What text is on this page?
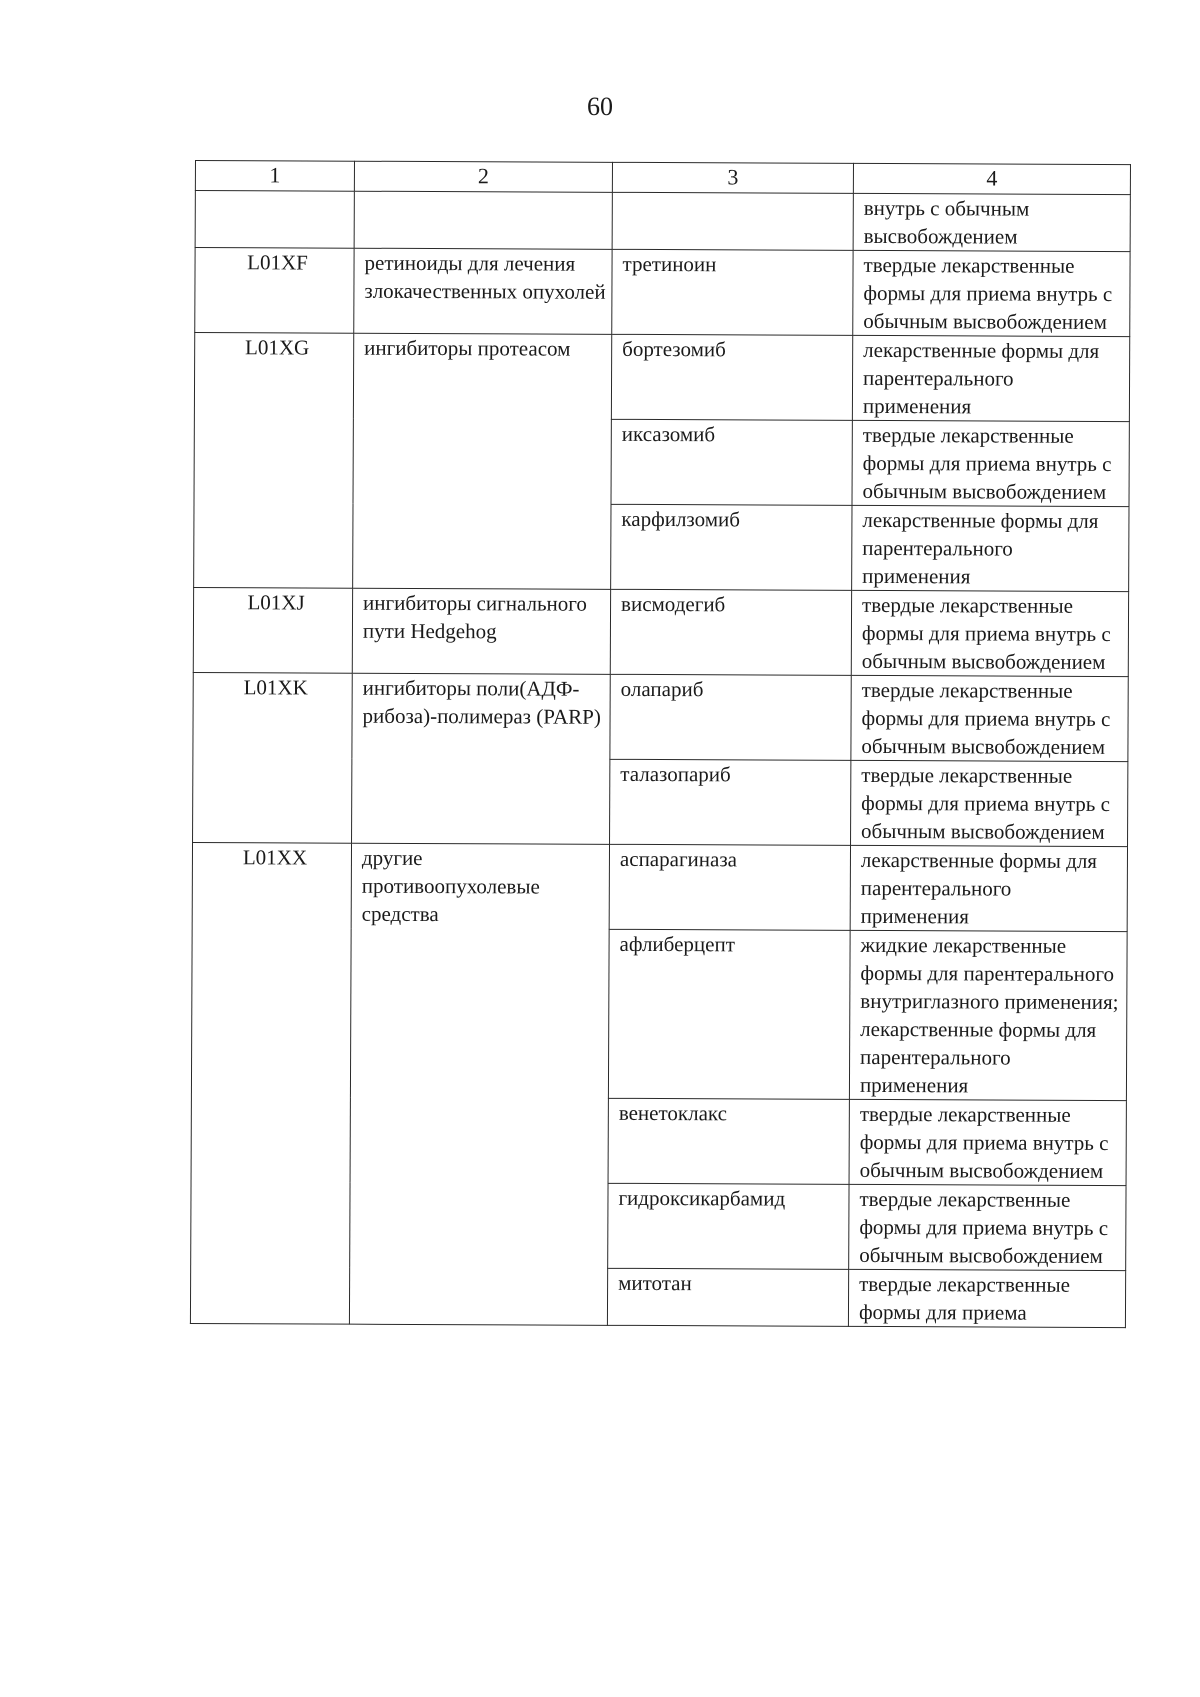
60
1	2	3	4
			внутрь с обычным высвобождением
L01XF	ретиноиды для лечения злокачественных опухолей	третиноин	твердые лекарственные формы для приема внутрь с обычным высвобождением
L01XG	ингибиторы протеасом	бортезомиб	лекарственные формы для парентерального применения
		иксазомиб	твердые лекарственные формы для приема внутрь с обычным высвобождением
		карфилзомиб	лекарственные формы для парентерального применения
L01XJ	ингибиторы сигнального пути Hedgehog	висмодегиб	твердые лекарственные формы для приема внутрь с обычным высвобождением
L01XK	ингибиторы поли(АДФ-рибоза)-полимераз (PARP)	олапариб	твердые лекарственные формы для приема внутрь с обычным высвобождением
		талазопариб	твердые лекарственные формы для приема внутрь с обычным высвобождением
L01XX	другие противоопухолевые средства	аспарагиназа	лекарственные формы для парентерального применения
		афлиберцепт	жидкие лекарственные формы для парентерального внутриглазного применения; лекарственные формы для парентерального применения
		венетоклакс	твердые лекарственные формы для приема внутрь с обычным высвобождением
		гидроксикарбамид	твердые лекарственные формы для приема внутрь с обычным высвобождением
		митотан	твердые лекарственные формы для приема
